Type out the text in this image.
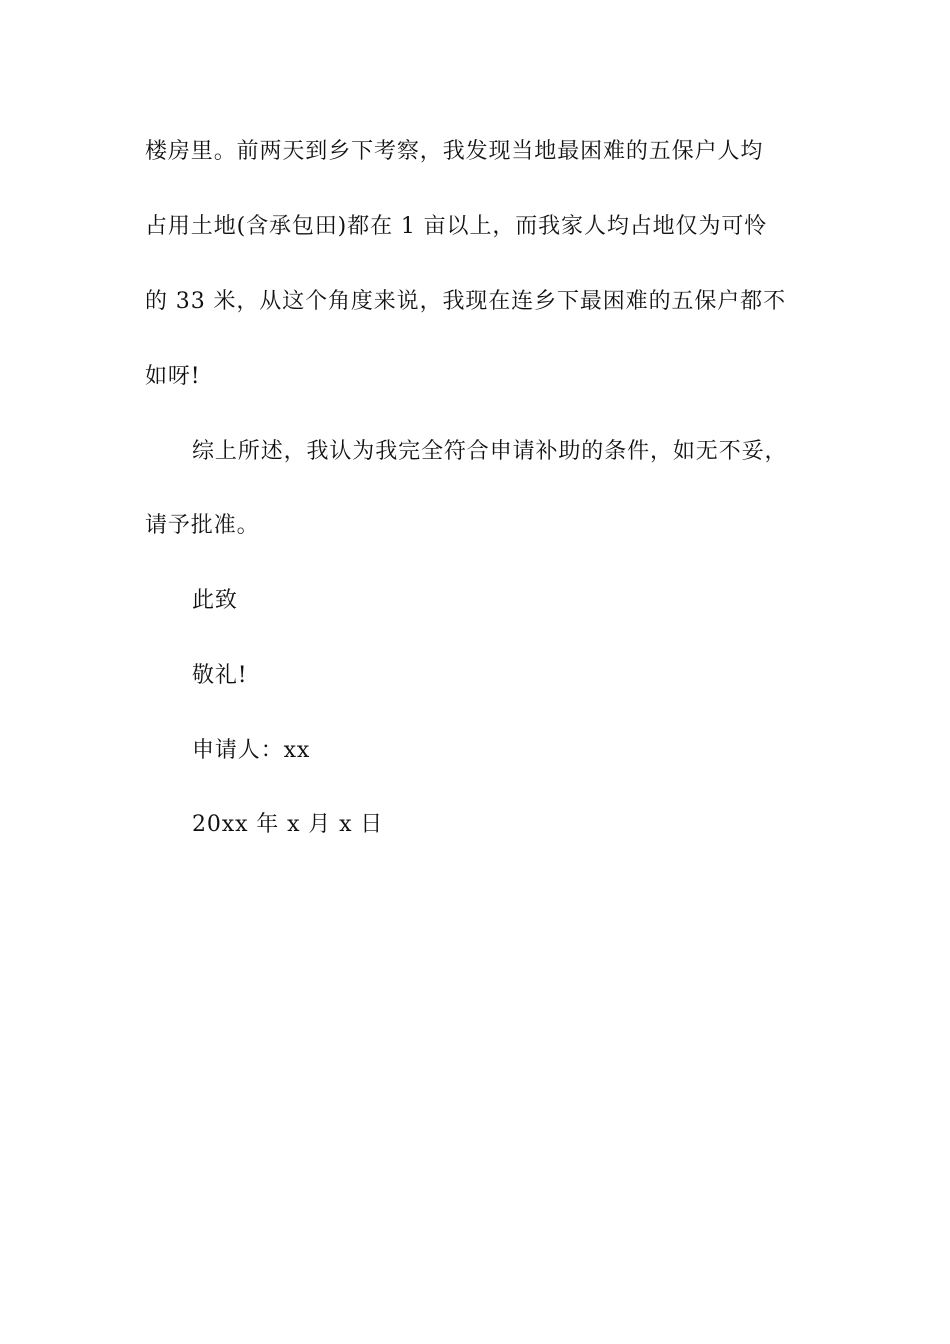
楼房里。前两天到乡下考察，我发现当地最困难的五保户人均
占用土地(含承包田)都在 1 亩以上，而我家人均占地仅为可怜
的 33 米，从这个角度来说，我现在连乡下最困难的五保户都不
如呀!
综上所述，我认为我完全符合申请补助的条件，如无不妥，
请予批准。
此致
敬礼!
申请人：xx
20xx 年 x 月 x 日
